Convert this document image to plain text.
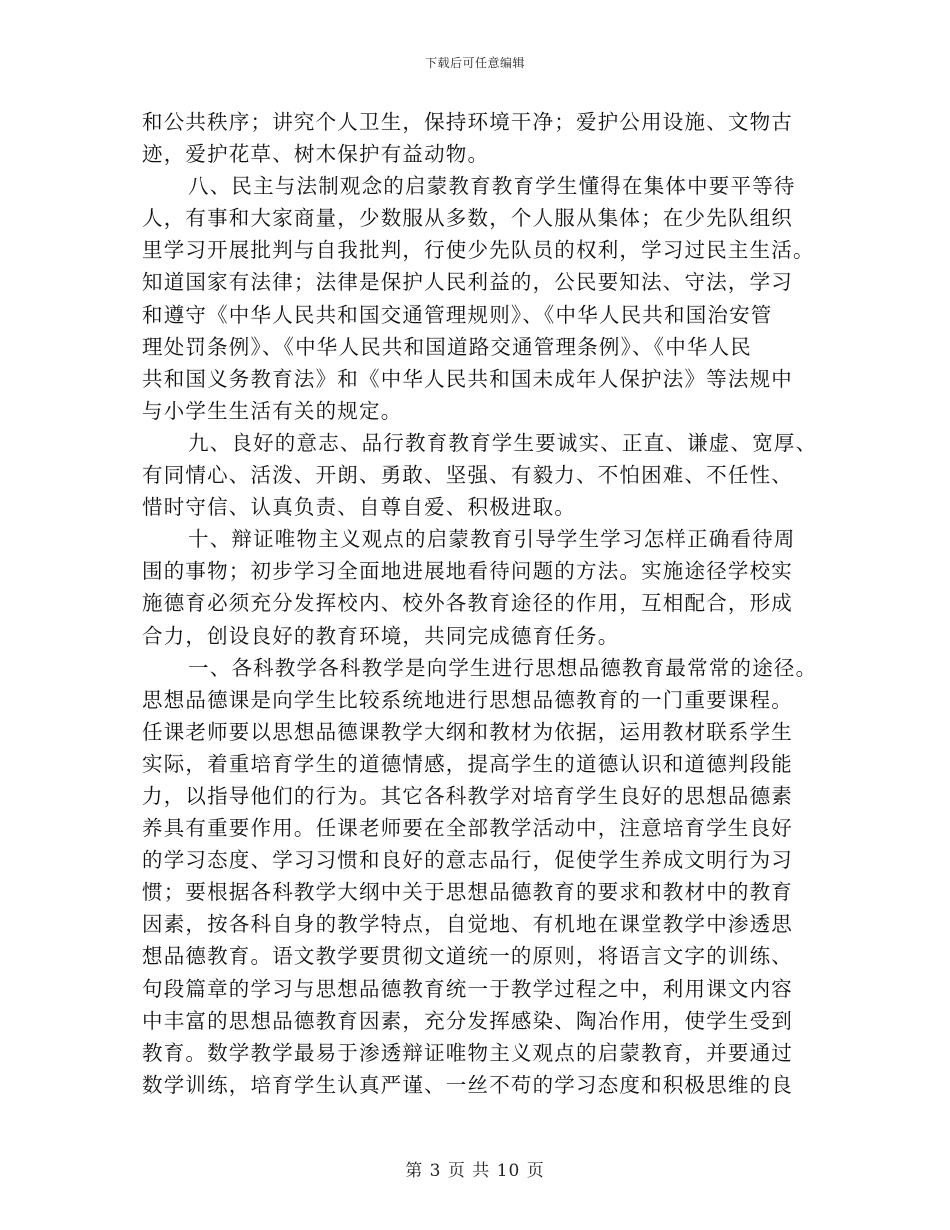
下载后可任意编辑
和公共秩序；讲究个人卫生，保持环境干净；爱护公用设施、文物古
迹，爱护花草、树木保护有益动物。
八、民主与法制观念的启蒙教育教育学生懂得在集体中要平等待
人，有事和大家商量，少数服从多数，个人服从集体；在少先队组织
里学习开展批判与自我批判，行使少先队员的权利，学习过民主生活。
知道国家有法律；法律是保护人民利益的，公民要知法、守法，学习
和遵守《中华人民共和国交通管理规则》、《中华人民共和国治安管
理处罚条例》、《中华人民共和国道路交通管理条例》、《中华人民
共和国义务教育法》和《中华人民共和国未成年人保护法》等法规中
与小学生生活有关的规定。
九、良好的意志、品行教育教育学生要诚实、正直、谦虚、宽厚、
有同情心、活泼、开朗、勇敢、坚强、有毅力、不怕困难、不任性、
惜时守信、认真负责、自尊自爱、积极进取。
十、辩证唯物主义观点的启蒙教育引导学生学习怎样正确看待周
围的事物；初步学习全面地进展地看待问题的方法。实施途径学校实
施德育必须充分发挥校内、校外各教育途径的作用，互相配合，形成
合力，创设良好的教育环境，共同完成德育任务。
一、各科教学各科教学是向学生进行思想品德教育最常常的途径。
思想品德课是向学生比较系统地进行思想品德教育的一门重要课程。
任课老师要以思想品德课教学大纲和教材为依据，运用教材联系学生
实际，着重培育学生的道德情感，提高学生的道德认识和道德判段能
力，以指导他们的行为。其它各科教学对培育学生良好的思想品德素
养具有重要作用。任课老师要在全部教学活动中，注意培育学生良好
的学习态度、学习习惯和良好的意志品行，促使学生养成文明行为习
惯；要根据各科教学大纲中关于思想品德教育的要求和教材中的教育
因素，按各科自身的教学特点，自觉地、有机地在课堂教学中渗透思
想品德教育。语文教学要贯彻文道统一的原则，将语言文字的训练、
句段篇章的学习与思想品德教育统一于教学过程之中，利用课文内容
中丰富的思想品德教育因素，充分发挥感染、陶冶作用，使学生受到
教育。数学教学最易于渗透辩证唯物主义观点的启蒙教育，并要通过
数学训练，培育学生认真严谨、一丝不苟的学习态度和积极思维的良
第 3 页 共 10 页
